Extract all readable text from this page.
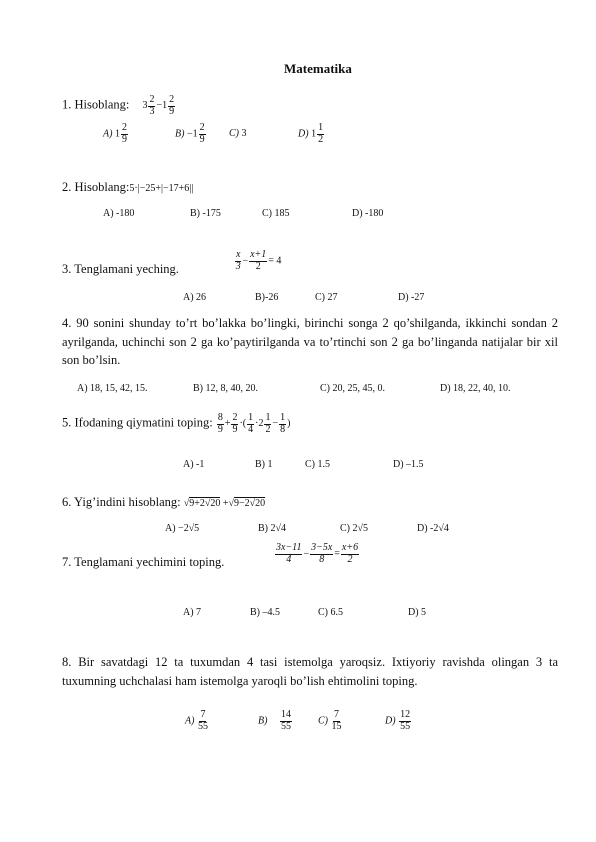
Matematika
1. Hisoblang: $3 \frac{2}{3} -1 \frac{2}{9}$
A) $1 \frac{2}{9}$	$B) -1 \frac{2}{9} C$) 3	D) $1 \frac{1}{2}$
2. Hisoblang:5·|−25+|−17+6||
A) -180	B) -175	C) 185	D) -180
3. Tenglamani yeching.	$\frac{x}{3} - \frac{x+1}{2} = 4$
A) 26	B)-26	C) 27	D) -27
4. 90 sonini shunday to’rt bo’lakka bo’lingki, birinchi songa 2 qo’shilganda, ikkinchi sondan 2 ayrilganda, uchinchi son 2 ga ko’paytirilganda va to’rtinchi son 2 ga bo’linganda natijalar bir xil son bo’lsin.
A) 18, 15, 42, 15.	B) 12, 8, 40, 20.	C) 20, 25, 45, 0.	D) 18, 22, 40, 10.
5. Ifodaning qiymatini toping: $\frac{8}{9} + \frac{2}{9}$ ·( $\frac{1}{4} \cdot 2 \frac{1}{2} - \frac{1}{8}$ )
A) -1	B) 1	C) 1.5	D) –1.5
6. Yig’indini hisoblang: √9+2√20 +√9−2√20
A) −2√5	B) 2√4	C) 2√5	D) -2√4
7. Tenglamani yechimini toping.	$\frac{3x-11}{4} - \frac{3-5x}{8} = \frac{x+6}{2}$
A) 7	B) –4.5	C) 6.5	D) 5
8. Bir savatdagi 12 ta tuxumdan 4 tasi istemolga yaroqsiz. Ixtiyoriy ravishda olingan 3 ta tuxumning uchchalasi ham istemolga yaroqli bo’lish ehtimolini toping.
$A) \frac{7}{55}$	$B) \frac{14}{55}$	$C) \frac{7}{15}$	$D) \frac{12}{55}$
